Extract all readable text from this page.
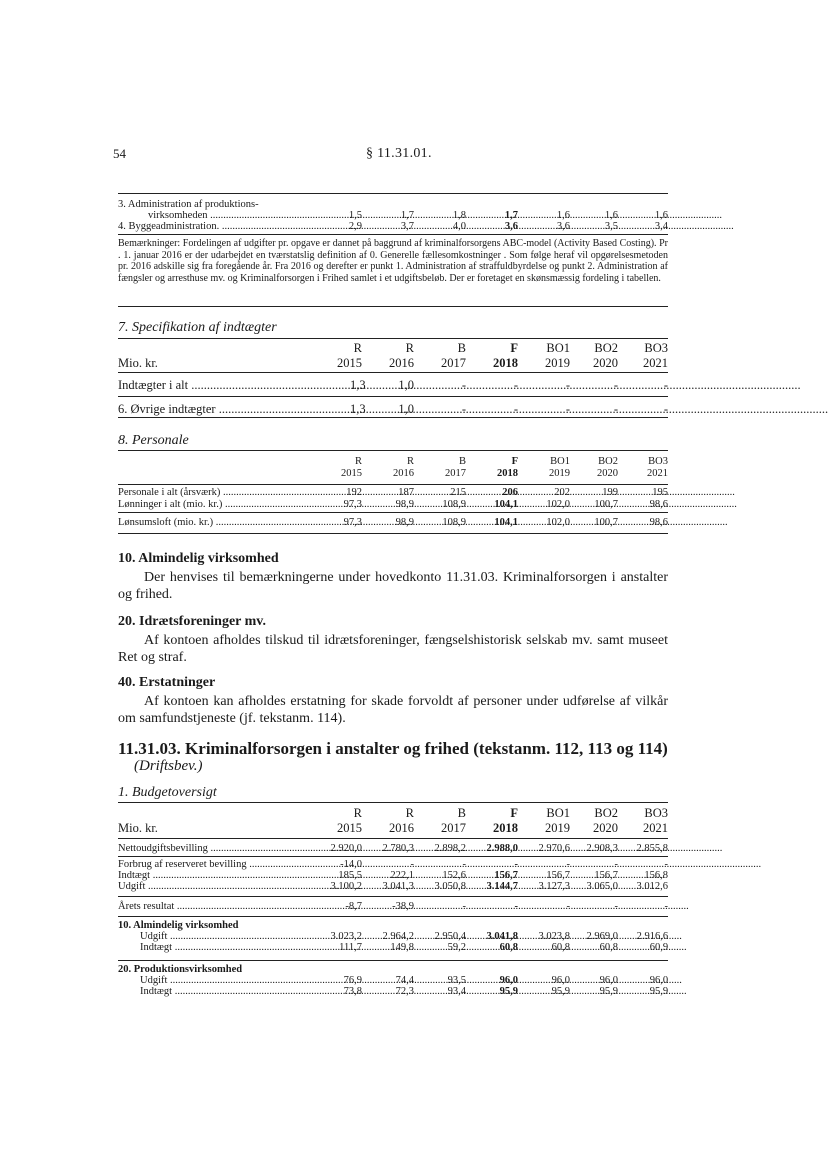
54	§ 11.31.01.
3. Administration af produktions-							

virksomheden .....	1,5	1,7	1,8	1,7	1,6	1,6	1,6

4. Byggeadministration. .....	2,9	3,7	4,0	3,6	3,6	3,5	3,4
Bemærkninger: Fordelingen af udgifter pr. opgave er dannet på baggrund af kriminalforsorgens ABC-model (Activity Based Costing). Pr . 1. januar 2016 er der udarbejdet en tværstatslig definition af 0. Generelle fællesomkostninger . Som følge heraf vil opgørelsesmetoden pr. 2016 adskille sig fra foregående år. Fra 2016 og derefter er punkt 1. Administration af straffuldbyrdelse og punkt 2. Administration af fængsler og arresthuse mv. og Kriminalforsorgen i Frihed samlet i et udgiftsbeløb. Der er foretaget en skønsmæssig fordeling i tabellen.
7. Specifikation af indtægter
	R	R	B	F	BO1	BO2	BO3
Mio. kr.	2015	2016	2017	2018	2019	2020	2021
Indtægter i alt .....	1,3	1,0	-	-	-	-	-
6. Øvrige indtægter .....	1,3	1,0	-	-	-	-	-
8. Personale
	R	R	B	F	BO1	BO2	BO3
	2015	2016	2017	2018	2019	2020	2021
Personale i alt (årsværk) .....	192	187	215	206	202	199	195

Lønninger i alt (mio. kr.) .....	97,3	98,9	108,9	104,1	102,0	100,7	98,6
Lønsumsloft (mio. kr.) .....	97,3	98,9	108,9	104,1	102,0	100,7	98,6
10. Almindelig virksomhed
Der henvises til bemærkningerne under hovedkonto 11.31.03. Kriminalforsorgen i anstalter og frihed.
20. Idrætsforeninger mv.
Af kontoen afholdes tilskud til idrætsforeninger, fængselshistorisk selskab mv. samt museet Ret og straf.
40. Erstatninger
Af kontoen kan afholdes erstatning for skade forvoldt af personer under udførelse af vilkår om samfundstjeneste (jf. tekstanm. 114).
11.31.03. Kriminalforsorgen i anstalter og frihed (tekstanm. 112, 113 og 114)
(Driftsbev.)
1. Budgetoversigt
	R	R	B	F	BO1	BO2	BO3
Mio. kr.	2015	2016	2017	2018	2019	2020	2021
Nettoudgiftsbevilling .....	2.920,0	2.780,3	2.898,2	2.988,0	2.970,6	2.908,3	2.855,8
Forbrug af reserveret bevilling .....	-14,0	-	-	-	-	-	-

Indtægt .....	185,5	222,1	152,6	156,7	156,7	156,7	156,8

Udgift .....	3.100,2	3.041,3	3.050,8	3.144,7	3.127,3	3.065,0	3.012,6
Årets resultat .....	-8,7	-38,9	-	-	-	-	-
10. Almindelig virksomhed							

Udgift .....	3.023,2	2.964,2	2.950,4	3.041,8	3.023,8	2.969,0	2.916,6

Indtægt .....	111,7	149,8	59,2	60,8	60,8	60,8	60,9
20. Produktionsvirksomhed							

Udgift .....	76,9	74,4	93,5	96,0	96,0	96,0	96,0

Indtægt .....	73,8	72,3	93,4	95,9	95,9	95,9	95,9
